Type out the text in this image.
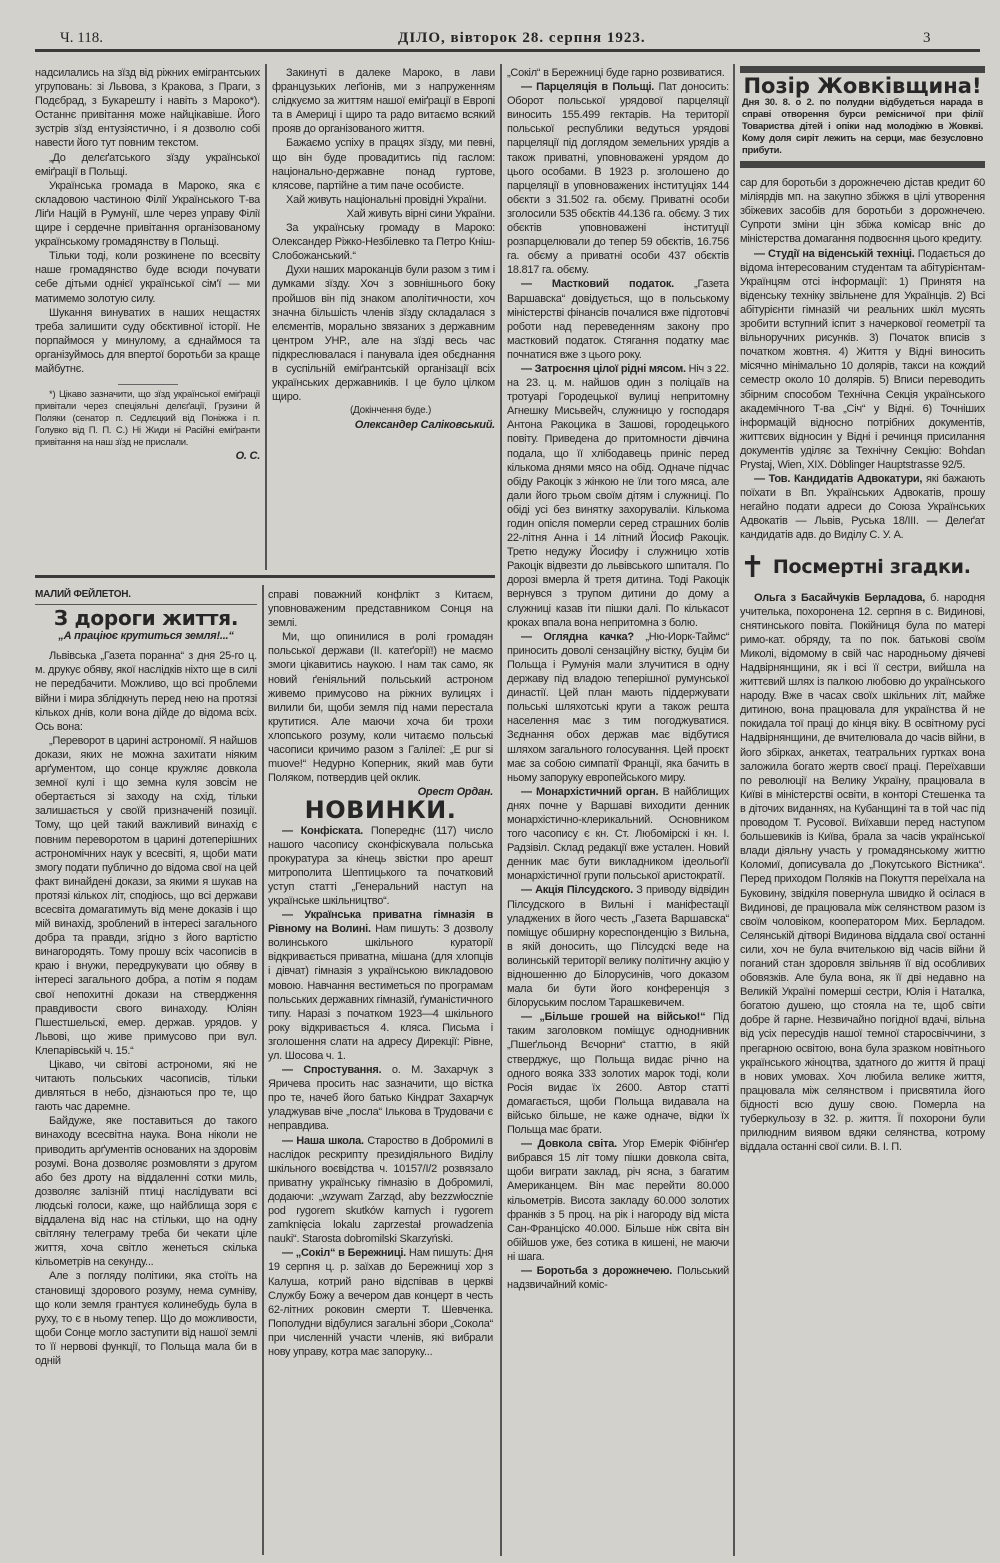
Ч. 118.	ДІЛО, вівторок 28. серпня 1923.	3

надсилались на зїзд від ріжних емігрантських угруповань: зі Львова, з Кракова, з Праги, з Подєбрад, з Букарешту і навіть з Мароко*). Останнє привітання може найцікавіше. Його зустрів зїзд ентузіястично, і я дозволю собі навести його тут повним текстом.

„До делєґатського зїзду української еміґрації в Польщі.

Українська громада в Мароко, яка є складовою частиною Філії Українського Т-ва Ліґи Націй в Румунії, шле через управу Філії щире і сердечне привітання організованому українському громадянству в Польщі.

Тільки тоді, коли розкинене по всесвіту наше громадянство буде всюди почувати себе дітьми однієї української сім'ї — ми матимемо золотую силу.

Шукання винуватих в наших нещастях треба залишити суду обєктивної історії. Не порпаймося у минулому, а єднаймося та організуймось для впертої боротьби за краще майбутнє.

*) Цікаво зазначити, що зїзд української еміґрації привітали через спеціяльні делєґації, Грузини й Поляки (сенатор п. Седлєцкий від Поніжжа і п. Голувко від П. П. С.) Ні Жиди ні Расійні еміґранти привітання на наш зїзд не прислали.

О. С.

Закинуті в далеке Мароко, в лави французьких леґіонів, ми з напруженням слідкуємо за життям нашої еміґрації в Европі та в Америці і щиро та радо витаємо всякий прояв до організованого життя.

Бажаємо успіху в працях зїзду, ми певні, що він буде провадитись під гаслом: національно-державне понад гуртове, клясове, партійне а тим паче особисте.

Хай живуть національні провідні України.

Хай живуть вірні сини України.

За українську громаду в Мароко: Олександер Ріжко-Незбілевко та Петро Кніш-Слобожанський.“

Духи наших мароканців були разом з тим і думками зїзду. Хоч з зовнішнього боку пройшов він під знаком аполітичности, хоч значна більшість членів зїзду складалася з елєментів, морально звязаних з державним центром УНР., але на зїзді весь час підкреслювалася і панувала ідея обєднання в суспільній еміґрантській організації всіх українських державників. І це було цілком щиро.

(Докінчення буде.)

Олександер Саліковський.

МАЛИЙ ФЕЙЛЕТОН.
З дороги життя.
„А праціює крутиться земля!...“

Львівська „Газета поранна“ з дня 25-го ц. м. друкує обяву, якої наслідків ніхто ще в силі не передбачити. Можливо, що всі проблеми війни і мира зблідкнуть перед нею на протязі кількох днів, коли вона дійде до відома всіх. Ось вона:

„Переворот в царині астрономії. Я найшов докази, яких не можна захитати ніяким арґументом, що сонце кружляє довкола земної кулі і що земна куля зовсім не обертається зі заходу на схід, тільки залишається у своїй призначеній позиції. Тому, що цей такий важливий винахід є повним переворотом в царині дотеперішних астрономічних наук у всесвіті, я, щоби мати змогу подати публично до відома свої на цей факт винайдені докази, за якими я шукав на протязі кількох літ, сподіюсь, що всі держави всесвіта домагатимуть від мене доказів і що мій винахід, зроблений в інтересі загального добра та правди, згідно з його вартістю винагородять. Тому прошу всіх часописів в краю і внужи, передрукувати цю обяву в інтересі загального добра, а потім я подам свої непохитні докази на ствердження правдивости свого винаходу. Юліян Пшестшельскі, емер. держав. урядов. у Львові, що живе примусово при вул. Клепарівській ч. 15.“

Цікаво, чи світові астрономи, які не читають польських часописів, тільки дивляться в небо, дізнаються про те, що гають час даремне.

Байдуже, яке поставиться до такого винаходу всесвітна наука. Вона ніколи не приводить арґументів основаних на здоровім розумі. Вона дозволяє розмовляти з другом або без дроту на віддаленні сотки миль, дозволяє залізній птиці наслідувати всі людські голоси, каже, що найблища зоря є віддалена від нас на стільки, що на одну світляну телеграму треба би чекати ціле життя, хоча світло женеться скілька кільометрів на секунду...

Але з погляду політики, яка стоїть на становищі здорового розуму, нема сумніву, що коли земля грантуєя колинебудь була в руху, то є в ньому тепер. Що до можливости, щоби Сонце могло заступити від нашої землі то її нервові функції, то Польща мала би в одній

справі поважний конфлікт з Китаєм, уповноваженим представником Сонця на землі.

Ми, що опинилися в ролі громадян польської держави (II. катеґорії!) не маємо змоги цікавитись наукою. І нам так само, як новий ґеніяльний польський астроном живемо примусово на ріжних вулицях і вилили би, щоби земля під нами перестала крутитися. Але маючи хоча би трохи хлопського розуму, коли читаємо польські часописи кричимо разом з Галілеї: „E pur si muove!“ Недурно Коперник, який мав бути Поляком, потвердив цей оклик.

Орест Ордан.

НОВИНКИ.

— Конфіската. Попереднє (117) число нашого часопису сконфіскувала польська прокуратура за кінець звістки про арешт митрополита Шептицького та початковий уступ статті „Генеральний наступ на українське шкільництво“.

— Українська приватна гімназія в Рівному на Волині. Нам пишуть: З дозволу волинського шкільного кураторії відкривається приватна, мішана (для хлопців і дівчат) гімназія з українською викладовою мовою. Навчання вестиметься по програмам польських державних гімназій, ґуманістичного типу. Наразі з початком 1923—4 шкільного року відкривається 4. кляса. Письма і зголошення слати на адресу Дирекції: Рівне, ул. Шосова ч. 1.

— Спростування. о. М. Захарчук з Яричева просить нас зазначити, що вістка про те, начеб його батько Кіндрат Захарчук уладжував віче „посла“ Ількова в Трудовачи є неправдива.

— Наша школа. Староство в Добромилі в наслідок рескрипту президіяльного Виділу шкільного воєвідства ч. 10157/I/2 розвязало приватну українську гімназію в Добромилі, додаючи: „wzywam Zarząd, aby bezzwłocznie pod rygorem skutków karnych i rygorem zamknięcia lokalu zaprzestał prowadzenia nauki“. Starosta dobromilski Skarzyński.

— „Сокіл“ в Бережниці. Нам пишуть: Дня 19 серпня ц. р. заїхав до Бережниці хор з Калуша, котрий рано відспівав в церкві Службу Божу а вечером дав концерт в честь 62-літних роковин смерти Т. Шевченка. Пополудни відбулися загальні збори „Сокола“ при численній участи членів, які вибрали нову управу, котра має запоруку...

„Сокіл“ в Бережниці буде гарно розвиватися.

— Парцеляція в Польщі. Пат доносить: Оборот польської урядової парцеляції виносить 155.499 гектарів. На території польської республики ведуться урядові парцеляції під доглядом земельних урядів а також приватні, уповноважені урядом до цього особами. В 1923 р. зголошено до парцеляції в уповноважених інституціях 144 обєкти з 31.502 га. обєму. Приватні особи зголосили 535 обєктів 44.136 га. обєму. З тих обєктів уповноважені інституції розпарцелювали до тепер 59 обєктів, 16.756 га. обєму а приватні особи 437 обєктів 18.817 га. обєму.

— Мастковий податок. „Газета Варшавска“ довідується, що в польському міністерстві фінансів почалися вже підготовчі роботи над переведенням закону про мастковий податок. Стягання податку має почнатися вже з цього року.

— Затроєння цілої рідні мясом. Ніч з 22. на 23. ц. м. найшов один з поліцаїв на тротуарі Городецької вулиці непритомну Агнешку Мисьвейч, служницю у господаря Антона Ракоцика в Зашові, городецького повіту. Приведена до притомности дівчина подала, що її хлібодавець приніс перед кількома днями мясо на обід. Одначе підчас обіду Ракоцік з жінкою не їли того мяса, але дали його трьом своїм дітям і служниці. По обіді усі без винятку захоруваліи. Кількома годин опісля померли серед страшних болів 22-літня Анна і 14 літний Йосиф Ракоцік. Третю недужу Йосифу і служницю хотів Ракоцік відвезти до львівського шпиталя. По дорозі вмерла й третя дитина. Тоді Ракоцік вернувся з трупом дитини до дому а служниці казав іти пішки далі. По кількасот кроках впала вона непритомна з болю.

— Оглядна качка? „Ню-Иорк-Таймс“ приносить доволі сензаційну вістку, буцім би Польща і Румунія мали злучитися в одну державу під владою теперішної румунської династії. Цей план мають піддержувати польські шляхотські круги а також решта населення має з тим погоджуватися. Зєднання обох держав має відбутися шляхом загального голосування. Цей проєкт має за собою симпатії Франції, яка бачить в ньому запоруку европейського миру.

— Монархістичний орган. В найблищих днях почне у Варшаві виходити денник монархістично-клерикальний. Основником того часопису є кн. Ст. Любомірскі і кн. І. Радзівіл. Склад редакції вже устален. Новий денник має бути викладником ідеольоґії монархістичної групи польської аристократії.

— Акція Пілсудского. З приводу відвідин Пілсудского в Вильні і маніфестації уладжених в його честь „Газета Варшавска“ поміщує обширну кореспонденцію з Вильна, в якій доносить, що Пілсудскі веде на волинській території велику політичну акцію у відношенню до Білорусинів, чого доказом мала би бути його конференція з білоруським послом Тарашкевичем.

— „Більше грошей на військо!“ Під таким заголовком поміщує одноднивник „Пшеґльонд Вєчорни“ статтю, в якій стверджує, що Польща видає річно на одного вояка 333 золотих марок тоді, коли Росія видає їх 2600. Автор статті домагається, щоби Польща видавала на військо більше, не каже одначе, відки їх Польща має брати.

— Довкола світа. Угор Емерік Фібінґер вибрався 15 літ тому пішки довкола світа, щоби виграти заклад, річ ясна, з багатим Американцем. Він має перейти 80.000 кільометрів. Висота закладу 60.000 золотих франків з 5 проц. на рік і нагороду від міста Сан-Франціско 40.000. Більше ніж світа він обійшов уже, без сотика в кишені, не маючи ні шага.

— Боротьба з дорожнечею. Польський надзвичайний коміс-

Позір Жовківщина!

Дня 30. 8. о 2. по полудни відбудеться нарада в справі отворення бурси ремісничої при філії Товариства дітей і опіки над молодіжю в Жовкві. Кому доля сиріт лежить на серци, має безусловно прибути.

сар для боротьби з дорожнечею дістав кредит 60 міліярдів мп. на закупно збіжжя в цілі утворення збіжевих засобів для боротьби з дорожнечею. Супроти зміни цін збіжа комісар вніс до міністерства домагання подвоєння цього кредиту.

— Студії на віденській техніці. Подається до відома інтересованим студентам та абітурієнтам-Українцям отсі інформації: 1) Принятя на віденську техніку звільнене для Українців. 2) Всі абітурієнти гімназій чи реальних шкіл мусять зробити вступний іспит з начеркової геометрії та вільноручних рисунків. 3) Початок вписів з початком жовтня. 4) Життя у Відні виносить місячно мінімально 10 долярів, такси на кождий семестр около 10 долярів. 5) Вписи переводить збірним способом Технічна Секція українського академічного Т-ва „Січ“ у Відні. 6) Точніших інформацій відносно потрібних документів, життєвих відносин у Відні і речинця присилання документів уділяє за Технічну Секцію: Bohdan Prystaj, Wien, XIX. Döblinger Hauptstrasse 92/5.

— Тов. Кандидатів Адвокатури, які бажають поїхати в Вп. Українських Адвокатів, прошу негайно подати адреси до Союза Українських Адвокатів — Львів, Руська 18/III. — Делеґат кандидатів адв. до Виділу С. У. А.

✝ Посмертні згадки.

Ольга з Басайчуків Берладова, б. народня учителька, похоронена 12. серпня в с. Видинові, снятинського повіта. Покійниця була по матері римо-кат. обряду, та по пок. батькові своїм Миколі, відомому в свій час народньому діячеві Надвірнянщини, як і всі її сестри, вийшла на життєвий шлях із палкою любовю до українського народу. Вже в часах своїх шкільних літ, майже дитиною, вона працювала для українства й не покидала тої праці до кінця віку. В освітному русі Надвірнянщини, де вчителювала до часів війни, в його збірках, анкетах, театральних гуртках вона заложила богато жертв своєї праці. Переїхавши по революції на Велику Україну, працювала в Київі в міністерстві освіти, в конторі Стешенка та в діточих виданнях, на Кубанщині та в той час під проводом Т. Русової. Виїхавши перед наступом большевиків із Київа, брала за часів української влади діяльну участь у громадянському життю Коломиї, дописувала до „Покутського Вістника“. Перед приходом Поляків на Покуття переїхала на Буковину, звідкіля повернула швидко й осілася в Видинові, де працювала між селянством разом із своїм чоловіком, кооператором Мих. Берладом. Селянській дітворі Видинова віддала свої останні сили, хоч не була вчителькою від часів війни й поганий стан здоровля звільняв її від особливих обовязків. Але була вона, як її дві недавно на Великій Україні померші сестри, Юлія і Наталка, богатою душею, що стояла на те, щоб світи добре й гарне. Незвичайно погідної вдачі, вільна від усіх пересудів нашої темної старосвіччини, з прегарною освітою, вона була зразком новітнього українського жіноцтва, здатного до життя й праці в нових умовах. Хоч любила велике життя, працювала між селянством і присвятила його бідності всю душу свою. Померла на туберкульозу в 32. р. життя. Її похорони були прилюдним виявом вдяки селянства, котрому віддала останні свої сили. В. І. П.
